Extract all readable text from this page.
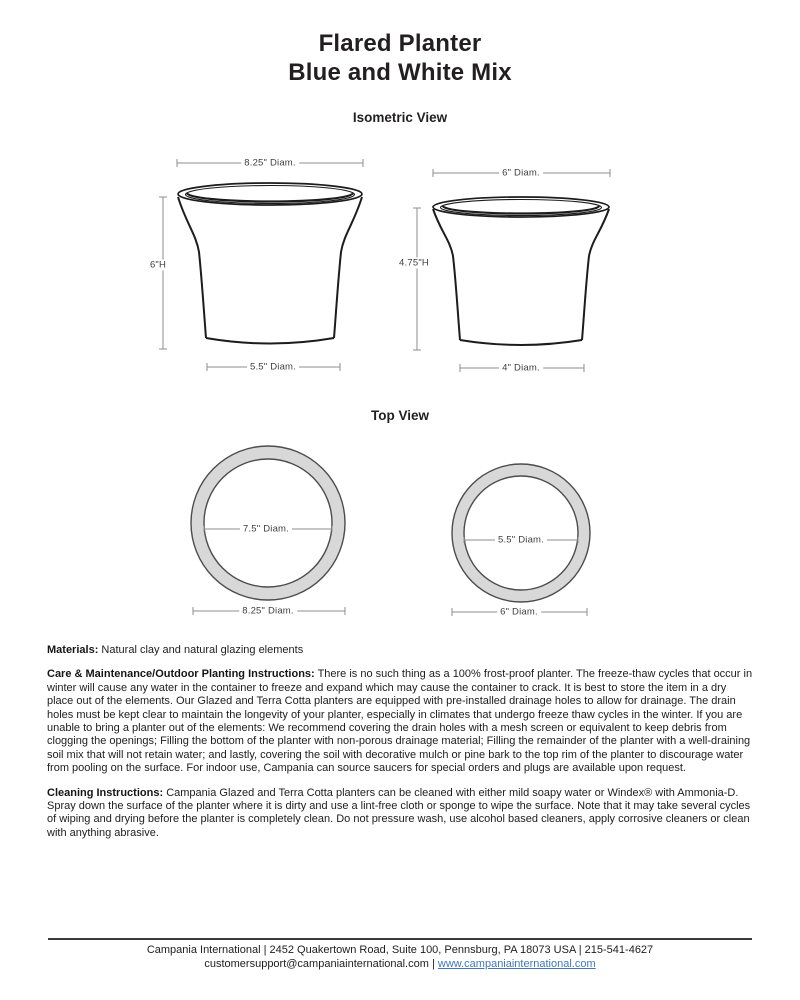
Flared Planter
Blue and White Mix
Isometric View
8.25" Diam.
6"H
5.5" Diam.
6" Diam.
4.75"H
4" Diam.
Top View
7.5" Diam.
8.25" Diam.
5.5" Diam.
6" Diam.

Materials: Natural clay and natural glazing elements

Care & Maintenance/Outdoor Planting Instructions: There is no such thing as a 100% frost-proof planter. The freeze-thaw cycles that occur in winter will cause any water in the container to freeze and expand which may cause the container to crack. It is best to store the item in a dry place out of the elements. Our Glazed and Terra Cotta planters are equipped with pre-installed drainage holes to allow for drainage. The drain holes must be kept clear to maintain the longevity of your planter, especially in climates that undergo freeze thaw cycles in the winter. If you are unable to bring a planter out of the elements: We recommend covering the drain holes with a mesh screen or equivalent to keep debris from clogging the openings; Filling the bottom of the planter with non-porous drainage material; Filling the remainder of the planter with a well-draining soil mix that will not retain water; and lastly, covering the soil with decorative mulch or pine bark to the top rim of the planter to discourage water from pooling on the surface. For indoor use, Campania can source saucers for special orders and plugs are available upon request.

Cleaning Instructions: Campania Glazed and Terra Cotta planters can be cleaned with either mild soapy water or Windex® with Ammonia-D. Spray down the surface of the planter where it is dirty and use a lint-free cloth or sponge to wipe the surface. Note that it may take several cycles of wiping and drying before the planter is completely clean. Do not pressure wash, use alcohol based cleaners, apply corrosive cleaners or clean with anything abrasive.

Campania International | 2452 Quakertown Road, Suite 100, Pennsburg, PA 18073 USA | 215-541-4627
customersupport@campaniainternational.com | www.campaniainternational.com
